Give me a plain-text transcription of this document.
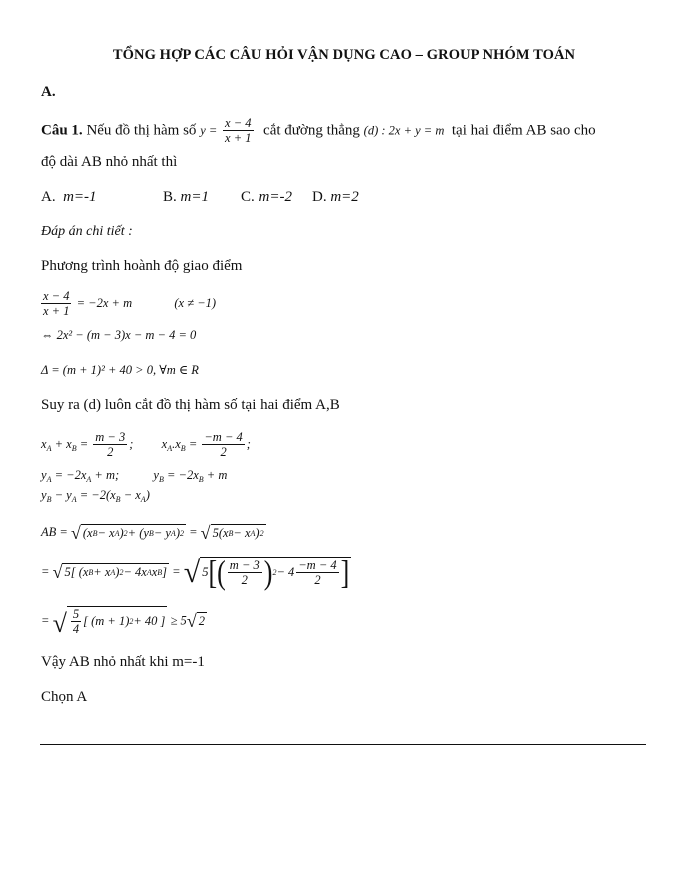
TỔNG HỢP CÁC CÂU HỎI VẬN DỤNG CAO – GROUP NHÓM TOÁN
A.
Câu 1. Nếu đồ thị hàm số $y = \frac{x - 4}{x + 1}$ cắt đường thẳng (d) : 2x + y = m tại hai điểm AB sao cho
độ dài AB nhỏ nhất thì
A. m=-1	B. m=1 C. m=-2 D. m=2
Đáp án chi tiết :
Phương trình hoành độ giao điểm
$\frac{x - 4}{x + 1} = -2x + m$	(x ≠ −1)
⇔ 2x² − (m − 3)x − m − 4 = 0
Δ = (m + 1)² + 40 > 0, ∀m ∈ R
Suy ra (d) luôn cắt đồ thị hàm số tại hai điểm A,B
$x_A + x_B = \frac{m - 3}{2}$ ;  $x_A.x_B = \frac{-m - 4}{2}$ ;
$y_A = -2x_A + m$;  $y_B = -2x_B + m$
$y_B - y_A = -2(x_B - x_A)$
AB = √ (x B − x A ) 2 + (y B − y A ) 2 = √ 5(x B − x A ) 2
= √ 5[ (x B + x A ) 2 − 4x A x B ] = √ 5 [ ( $\frac{m - 3}{2}$ ) $2 - 4 \frac{-m - 4}{2}$ ]
= √ $\frac{5}{4}$ [ (m + 1) 2 + 40 ] ≥ 5 √ 2
Vậy AB nhỏ nhất khi m=-1
Chọn A
